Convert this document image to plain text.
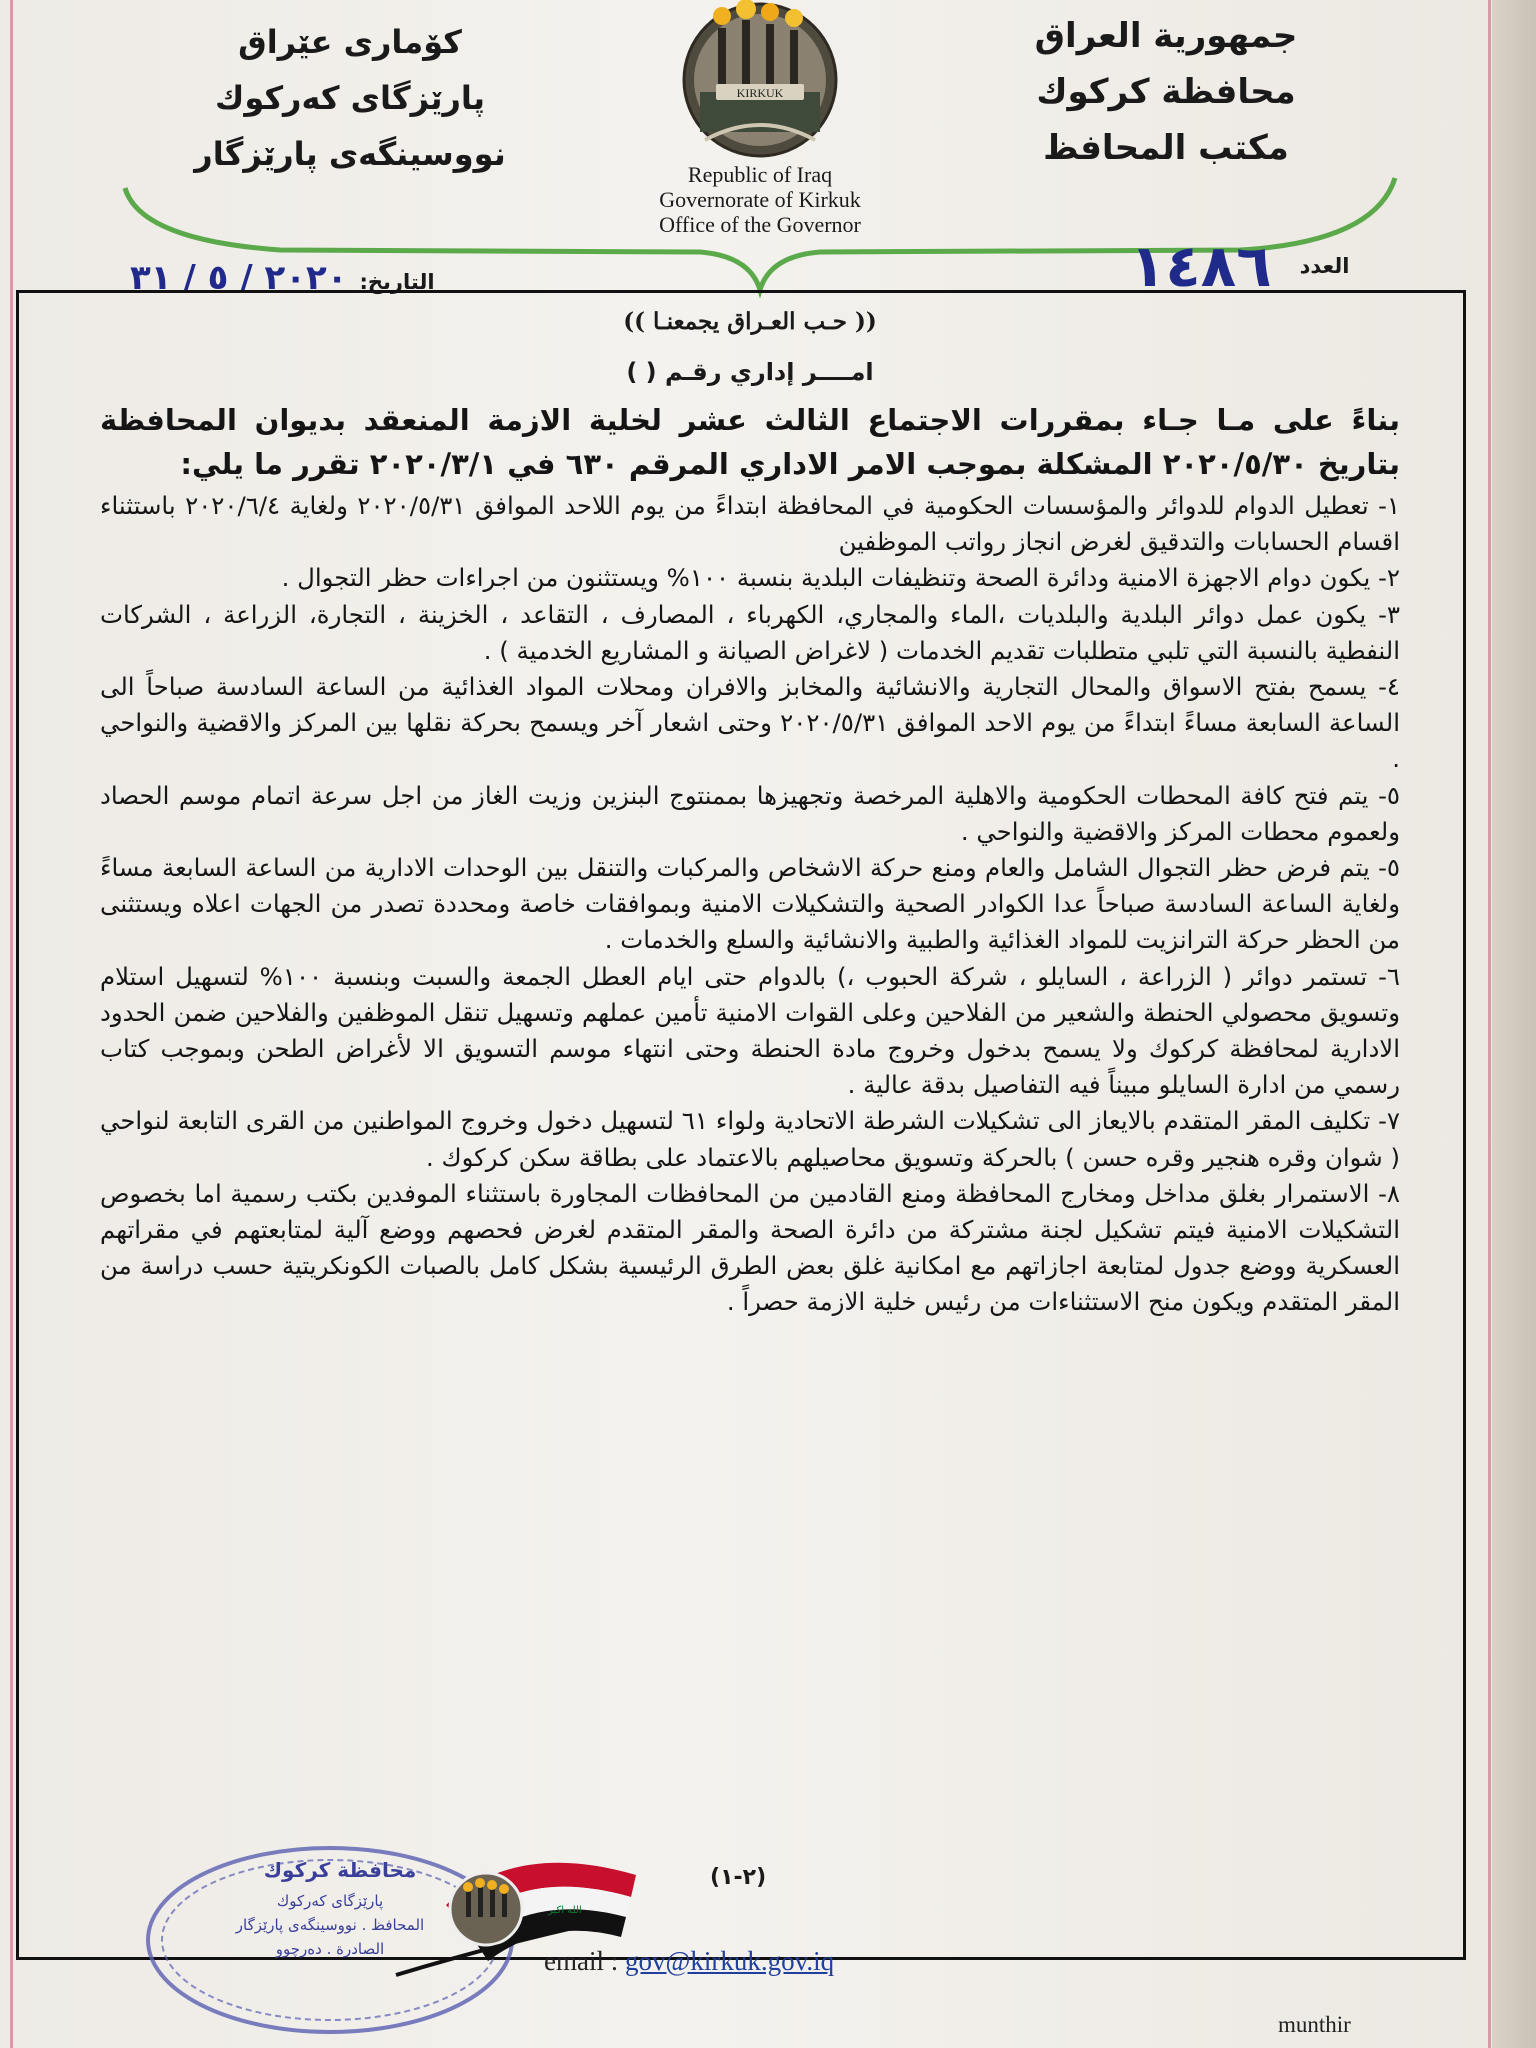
جمهورية العراق
محافظة كركوك
مكتب المحافظ
كۆمارى عێراق
پارێزگای کەرکوك
نووسینگەی پارێزگار
KIRKUK
Republic of Iraq
Governorate of Kirkuk
Office of the Governor
التاريخ:
٢٠٢٠ / ٥ / ٣١	١٤٨٦ العدد
(( حـب العـراق يجمعنـا ))
امــــر إداري رقـم ( )

بناءً على مـا جـاء بمقررات الاجتماع الثالث عشر لخلية الازمة المنعقد بديوان المحافظة بتاريخ ٢٠٢٠/٥/٣٠ المشكلة بموجب الامر الاداري المرقم ٦٣٠ في ٢٠٢٠/٣/١ تقرر ما يلي:

١- تعطيل الدوام للدوائر والمؤسسات الحكومية في المحافظة ابتداءً من يوم اللاحد الموافق ٢٠٢٠/٥/٣١ ولغاية ٢٠٢٠/٦/٤ باستثناء اقسام الحسابات والتدقيق لغرض انجاز رواتب الموظفين

٢- يكون دوام الاجهزة الامنية ودائرة الصحة وتنظيفات البلدية بنسبة ١٠٠% ويستثنون من اجراءات حظر التجوال .

٣- يكون عمل دوائر البلدية والبلديات ،الماء والمجاري، الكهرباء ، المصارف ، التقاعد ، الخزينة ، التجارة، الزراعة ، الشركات النفطية بالنسبة التي تلبي متطلبات تقديم الخدمات ( لاغراض الصيانة و المشاريع الخدمية ) .

٤- يسمح بفتح الاسواق والمحال التجارية والانشائية والمخابز والافران ومحلات المواد الغذائية من الساعة السادسة صباحاً الى الساعة السابعة مساءً ابتداءً من يوم الاحد الموافق ٢٠٢٠/٥/٣١ وحتى اشعار آخر ويسمح بحركة نقلها بين المركز والاقضية والنواحي .

٥- يتم فتح كافة المحطات الحكومية والاهلية المرخصة وتجهيزها بممنتوج البنزين وزيت الغاز من اجل سرعة اتمام موسم الحصاد ولعموم محطات المركز والاقضية والنواحي .

٥- يتم فرض حظر التجوال الشامل والعام ومنع حركة الاشخاص والمركبات والتنقل بين الوحدات الادارية من الساعة السابعة مساءً ولغاية الساعة السادسة صباحاً عدا الكوادر الصحية والتشكيلات الامنية وبموافقات خاصة ومحددة تصدر من الجهات اعلاه ويستثنى من الحظر حركة الترانزيت للمواد الغذائية والطبية والانشائية والسلع والخدمات .

٦- تستمر دوائر ( الزراعة ، السايلو ، شركة الحبوب ،) بالدوام حتى ايام العطل الجمعة والسبت وبنسبة ١٠٠% لتسهيل استلام وتسويق محصولي الحنطة والشعير من الفلاحين وعلى القوات الامنية تأمين عملهم وتسهيل تنقل الموظفين والفلاحين ضمن الحدود الادارية لمحافظة كركوك ولا يسمح بدخول وخروج مادة الحنطة وحتى انتهاء موسم التسويق الا لأغراض الطحن وبموجب كتاب رسمي من ادارة السايلو مبيناً فيه التفاصيل بدقة عالية .

٧- تكليف المقر المتقدم بالايعاز الى تشكيلات الشرطة الاتحادية ولواء ٦١ لتسهيل دخول وخروج المواطنين من القرى التابعة لنواحي ( شوان وقره هنجير وقره حسن ) بالحركة وتسويق محاصيلهم بالاعتماد على بطاقة سكن كركوك .

٨- الاستمرار بغلق مداخل ومخارج المحافظة ومنع القادمين من المحافظات المجاورة باستثناء الموفدين بكتب رسمية اما بخصوص التشكيلات الامنية فيتم تشكيل لجنة مشتركة من دائرة الصحة والمقر المتقدم لغرض فحصهم ووضع آلية لمتابعتهم في مقراتهم العسكرية ووضع جدول لمتابعة اجازاتهم مع امكانية غلق بعض الطرق الرئيسية بشكل كامل بالصبات الكونكريتية حسب دراسة من المقر المتقدم ويكون منح الاستثناءات من رئيس خلية الازمة حصراً .

(٢-١)
محافظة كركوك
پارێزگای کەرکوك
المحافظ . نووسینگەی پارێزگار
الصادرة . دەرچوو
الله اكبر
email : gov@kirkuk.gov.iq
munthir
